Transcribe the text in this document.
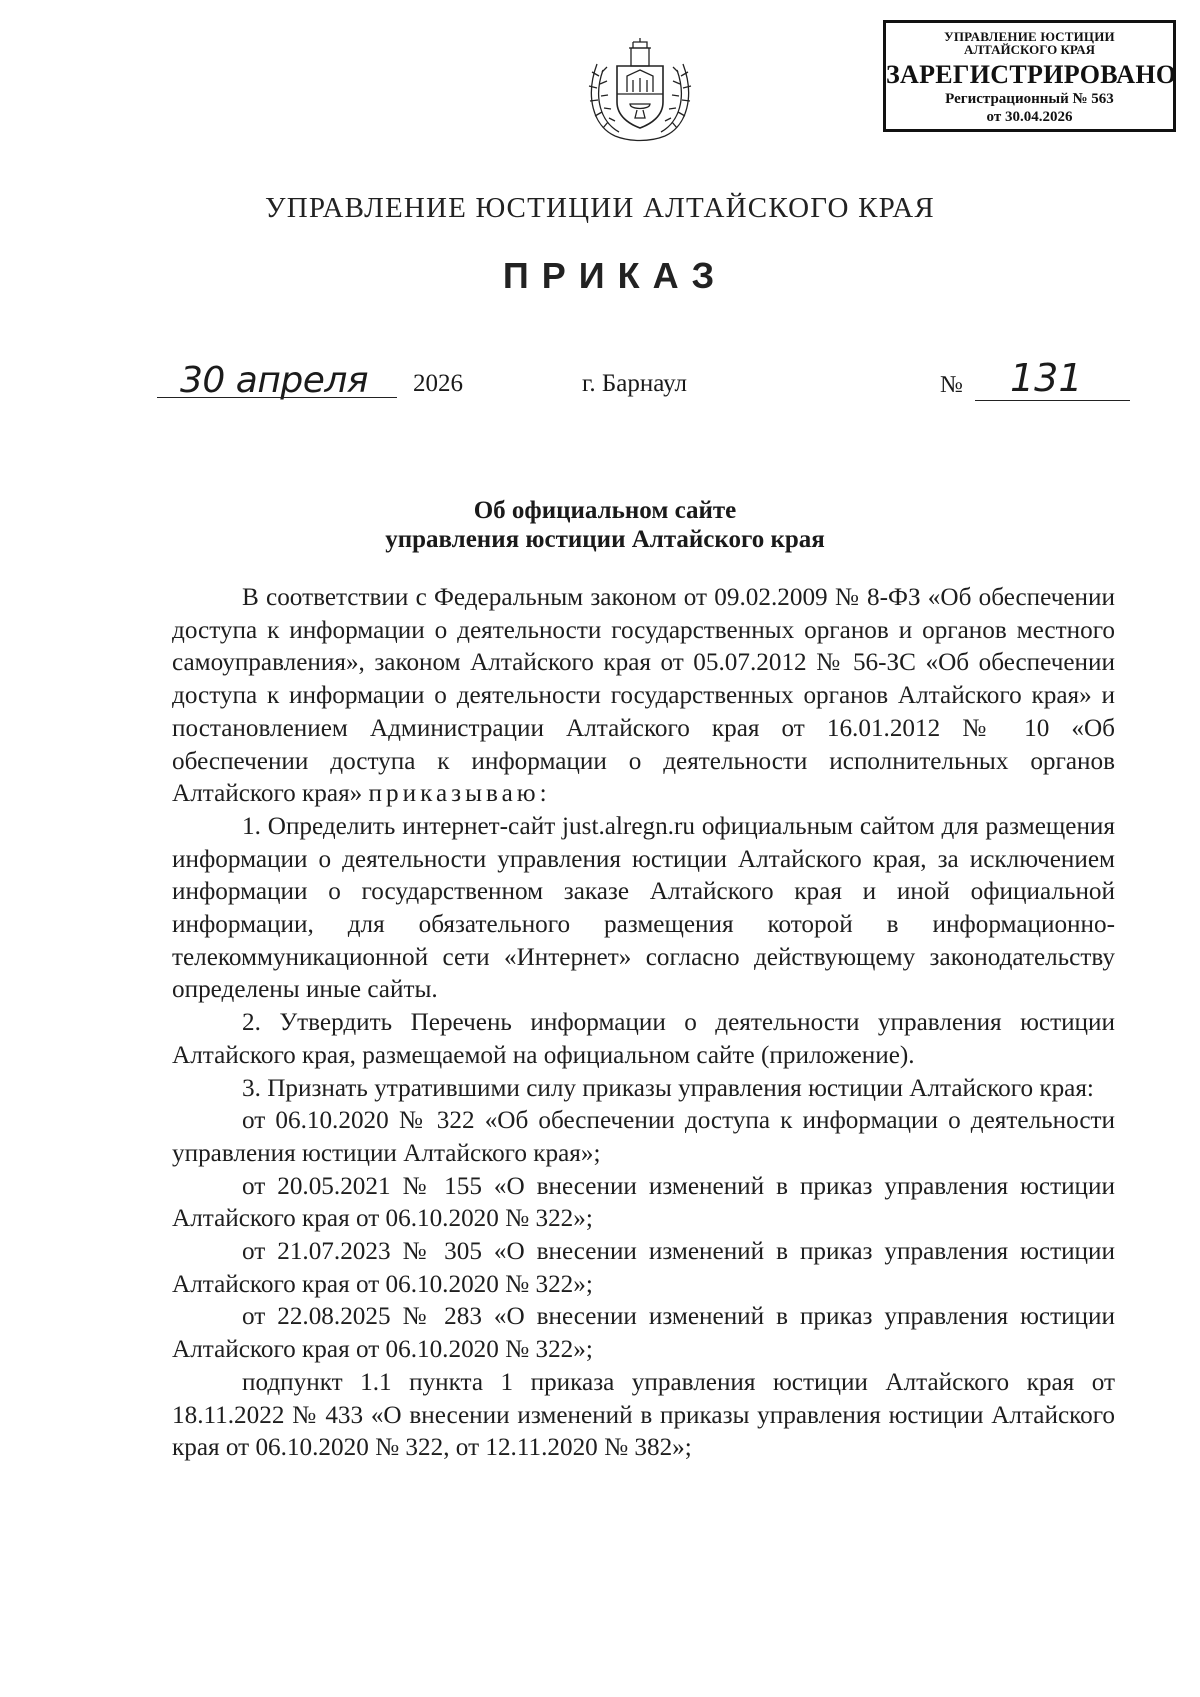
УПРАВЛЕНИЕ ЮСТИЦИИ
АЛТАЙСКОГО КРАЯ
ЗАРЕГИСТРИРОВАНО
Регистрационный № 563
от 30.04.2026
УПРАВЛЕНИЕ ЮСТИЦИИ АЛТАЙСКОГО КРАЯ
ПРИКАЗ
30 апреля 2026	г. Барнаул	№ 131
Об официальном сайте
управления юстиции Алтайского края

В соответствии с Федеральным законом от 09.02.2009 № 8-ФЗ «Об обеспечении доступа к информации о деятельности государственных органов и органов местного самоуправления», законом Алтайского края от 05.07.2012 № 56-ЗС «Об обеспечении доступа к информации о деятельности государственных органов Алтайского края» и постановлением Администрации Алтайского края от 16.01.2012 № 10 «Об обеспечении доступа к информации о деятельности исполнительных органов Алтайского края» приказываю:

1. Определить интернет-сайт just.alregn.ru официальным сайтом для размещения информации о деятельности управления юстиции Алтайского края, за исключением информации о государственном заказе Алтайского края и иной официальной информации, для обязательного размещения которой в информационно-телекоммуникационной сети «Интернет» согласно действующему законодательству определены иные сайты.

2. Утвердить Перечень информации о деятельности управления юстиции Алтайского края, размещаемой на официальном сайте (приложение).

3. Признать утратившими силу приказы управления юстиции Алтайского края:

от 06.10.2020 № 322 «Об обеспечении доступа к информации о деятельности управления юстиции Алтайского края»;

от 20.05.2021 № 155 «О внесении изменений в приказ управления юстиции Алтайского края от 06.10.2020 № 322»;

от 21.07.2023 № 305 «О внесении изменений в приказ управления юстиции Алтайского края от 06.10.2020 № 322»;

от 22.08.2025 № 283 «О внесении изменений в приказ управления юстиции Алтайского края от 06.10.2020 № 322»;

подпункт 1.1 пункта 1 приказа управления юстиции Алтайского края от 18.11.2022 № 433 «О внесении изменений в приказы управления юстиции Алтайского края от 06.10.2020 № 322, от 12.11.2020 № 382»;
